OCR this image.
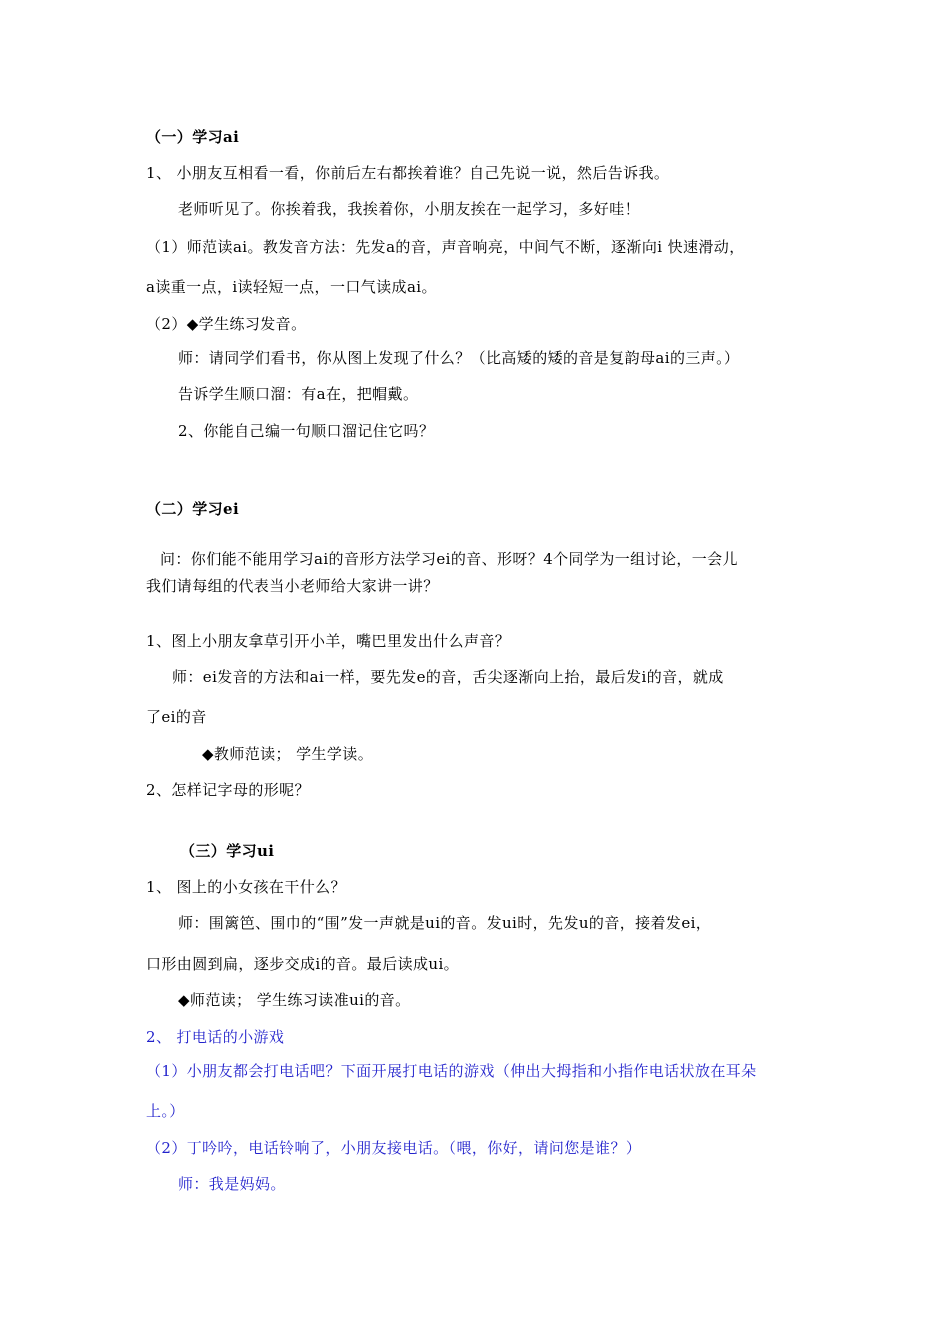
（一）学习ai

1、 小朋友互相看一看，你前后左右都挨着谁？自己先说一说，然后告诉我。

老师听见了。你挨着我，我挨着你，小朋友挨在一起学习，多好哇！

（1）师范读ai。教发音方法：先发a的音，声音响亮，中间气不断，逐渐向i 快速滑动，

a读重一点，i读轻短一点，一口气读成ai。

（2）◆学生练习发音。

师：请同学们看书，你从图上发现了什么？（比高矮的矮的音是复韵母ai的三声。）

告诉学生顺口溜：有a在，把帽戴。

2、你能自己编一句顺口溜记住它吗？

（二）学习ei

问：你们能不能用学习ai的音形方法学习ei的音、形呀？4个同学为一组讨论，一会儿

我们请每组的代表当小老师给大家讲一讲？

1、图上小朋友拿草引开小羊，嘴巴里发出什么声音？

师：ei发音的方法和ai一样，要先发e的音，舌尖逐渐向上抬，最后发i的音，就成

了ei的音

◆教师范读； 学生学读。

2、怎样记字母的形呢？

（三）学习ui

1、 图上的小女孩在干什么？

师：围篱笆、围巾的“围”发一声就是ui的音。发ui时，先发u的音，接着发ei，

口形由圆到扁，逐步交成i的音。最后读成ui。

◆师范读； 学生练习读准ui的音。

2、 打电话的小游戏

（1）小朋友都会打电话吧？下面开展打电话的游戏（伸出大拇指和小指作电话状放在耳朵

上。）

（2）丁吟吟，电话铃响了，小朋友接电话。（喂，你好，请问您是谁？）

师：我是妈妈。
